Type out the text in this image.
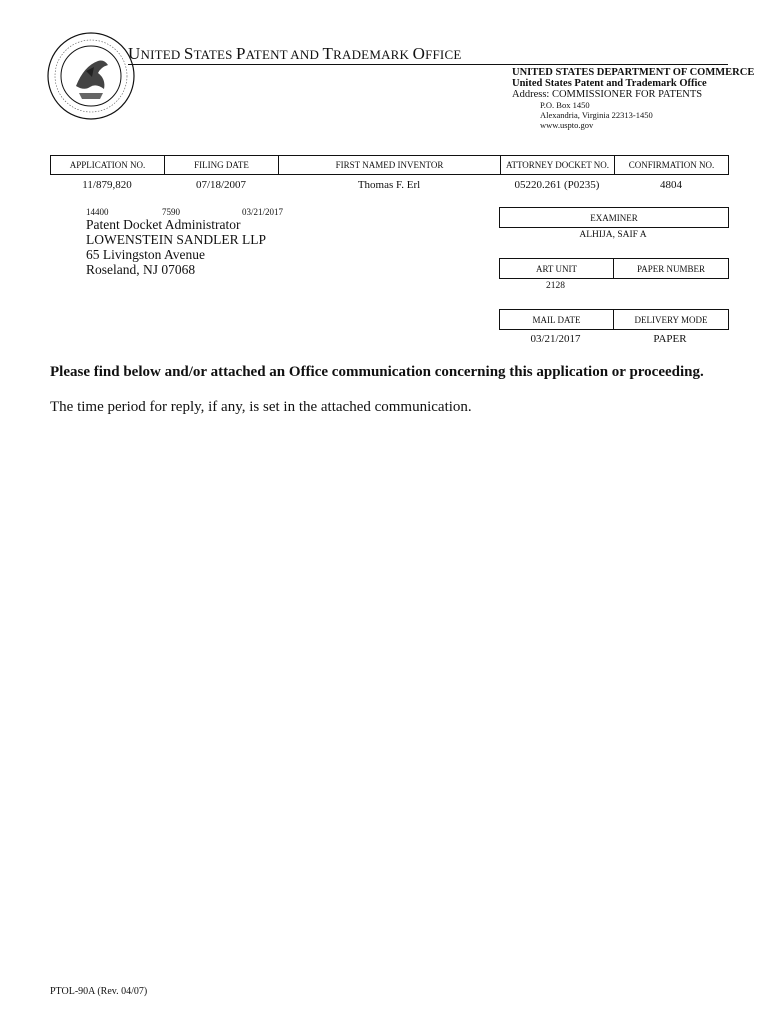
UNITED STATES PATENT AND TRADEMARK OFFICE
UNITED STATES DEPARTMENT OF COMMERCE
United States Patent and Trademark Office
Address: COMMISSIONER FOR PATENTS
P.O. Box 1450
Alexandria, Virginia 22313-1450
www.uspto.gov
APPLICATION NO.	FILING DATE	FIRST NAMED INVENTOR	ATTORNEY DOCKET NO.	CONFIRMATION NO.
11/879,820	07/18/2007	Thomas F. Erl	05220.261 (P0235)	4804
14400	7590	03/21/2017
Patent Docket Administrator
LOWENSTEIN SANDLER LLP
65 Livingston Avenue
Roseland, NJ 07068
EXAMINER
ALHIJA, SAIF A
ART UNIT	PAPER NUMBER
2128
MAIL DATE	DELIVERY MODE
03/21/2017	PAPER
Please find below and/or attached an Office communication concerning this application or proceeding.
The time period for reply, if any, is set in the attached communication.
PTOL-90A (Rev. 04/07)
